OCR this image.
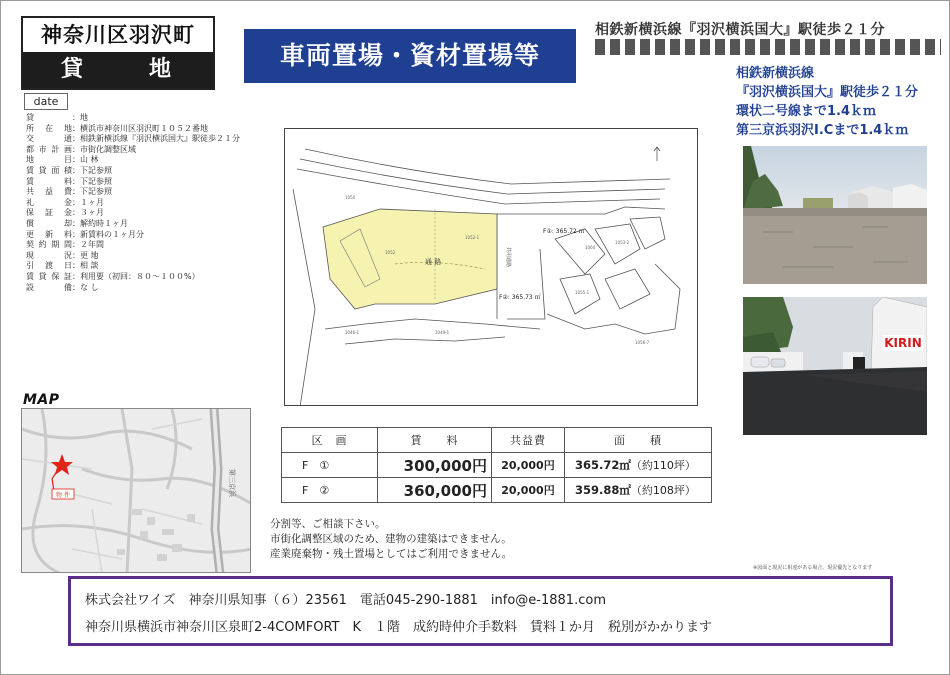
神奈川区羽沢町
貸　地	車両置場・資材置場等
相鉄新横浜線『羽沢横浜国大』駅徒歩２１分
相鉄新横浜線
『羽沢横浜国大』駅徒歩２１分
環状二号線まで1.4ｋｍ
第三京浜羽沢I.Cまで1.4ｋｍ
date
貸	： 地
所在地 ： 横浜市神奈川区羽沢町１０５２番地
交通 ： 相鉄新横浜線『羽沢横浜国大』駅徒歩２１分
都市計画 ： 市街化調整区域
地目 ： 山 林
賃貸面積 ： 下記参照
賃料 ： 下記参照
共益費 ： 下記参照
礼金 ： １ヶ月
保証金 ： ３ヶ月
償却 ： 解約時１ヶ月
更新料 ： 新賃料の１ヶ月分
契約期間 ： ２年間
現況 ： 更 地
引渡日 ： 相 談
賃貸保証 ： 利用要（初回：８０～１００%）
設備 ： な し
MAP
第三京浜
物 件
通 路
F①: 365.72 ㎡
F②: 365.73 ㎡
共用通路
1050
1052
1052-1
1064
1053-2
1055-1
1046-1	1049-1
1056-7	KIRIN
区　画	賃　　料	共益費	面　　積
F　①	300,000円	20,000円	365.72㎡（約110坪）
F　②	360,000円	20,000円	359.88㎡（約108坪）
分割等、ご相談下さい。
市街化調整区域のため、建物の建築はできません。
産業廃棄物・残土置場としてはご利用できません。
※図面と現況に相違がある場合、現況優先となります
株式会社ワイズ　神奈川県知事（６）23561　電話045-290-1881　info@e-1881.com
神奈川県横浜市神奈川区泉町2-4COMFORT　K　１階　成約時仲介手数料　賃料１か月　税別がかかります
